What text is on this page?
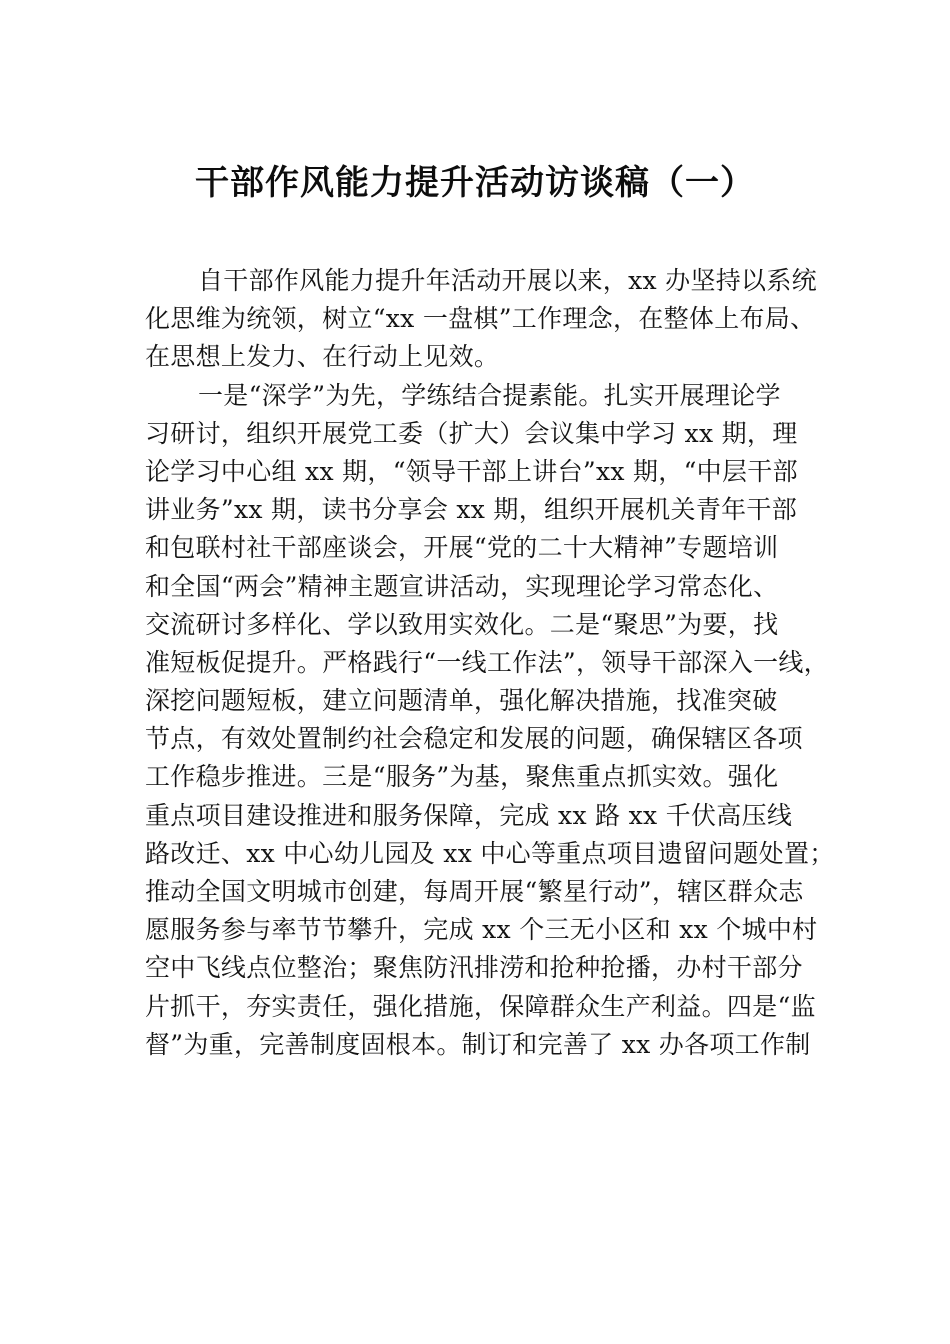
干部作风能力提升活动访谈稿（一）
自干部作风能力提升年活动开展以来，xx 办坚持以系统
化思维为统领，树立“xx 一盘棋”工作理念，在整体上布局、
在思想上发力、在行动上见效。
一是“深学”为先，学练结合提素能。扎实开展理论学
习研讨，组织开展党工委（扩大）会议集中学习 xx 期，理
论学习中心组 xx 期，“领导干部上讲台”xx 期，“中层干部
讲业务”xx 期，读书分享会 xx 期，组织开展机关青年干部
和包联村社干部座谈会，开展“党的二十大精神”专题培训
和全国“两会”精神主题宣讲活动，实现理论学习常态化、
交流研讨多样化、学以致用实效化。二是“聚思”为要，找
准短板促提升。严格践行“一线工作法”，领导干部深入一线，
深挖问题短板，建立问题清单，强化解决措施，找准突破
节点，有效处置制约社会稳定和发展的问题，确保辖区各项
工作稳步推进。三是“服务”为基，聚焦重点抓实效。强化
重点项目建设推进和服务保障，完成 xx 路 xx 千伏高压线
路改迁、xx 中心幼儿园及 xx 中心等重点项目遗留问题处置；
推动全国文明城市创建，每周开展“繁星行动”，辖区群众志
愿服务参与率节节攀升，完成 xx 个三无小区和 xx 个城中村
空中飞线点位整治；聚焦防汛排涝和抢种抢播，办村干部分
片抓干，夯实责任，强化措施，保障群众生产利益。四是“监
督”为重，完善制度固根本。制订和完善了 xx 办各项工作制
